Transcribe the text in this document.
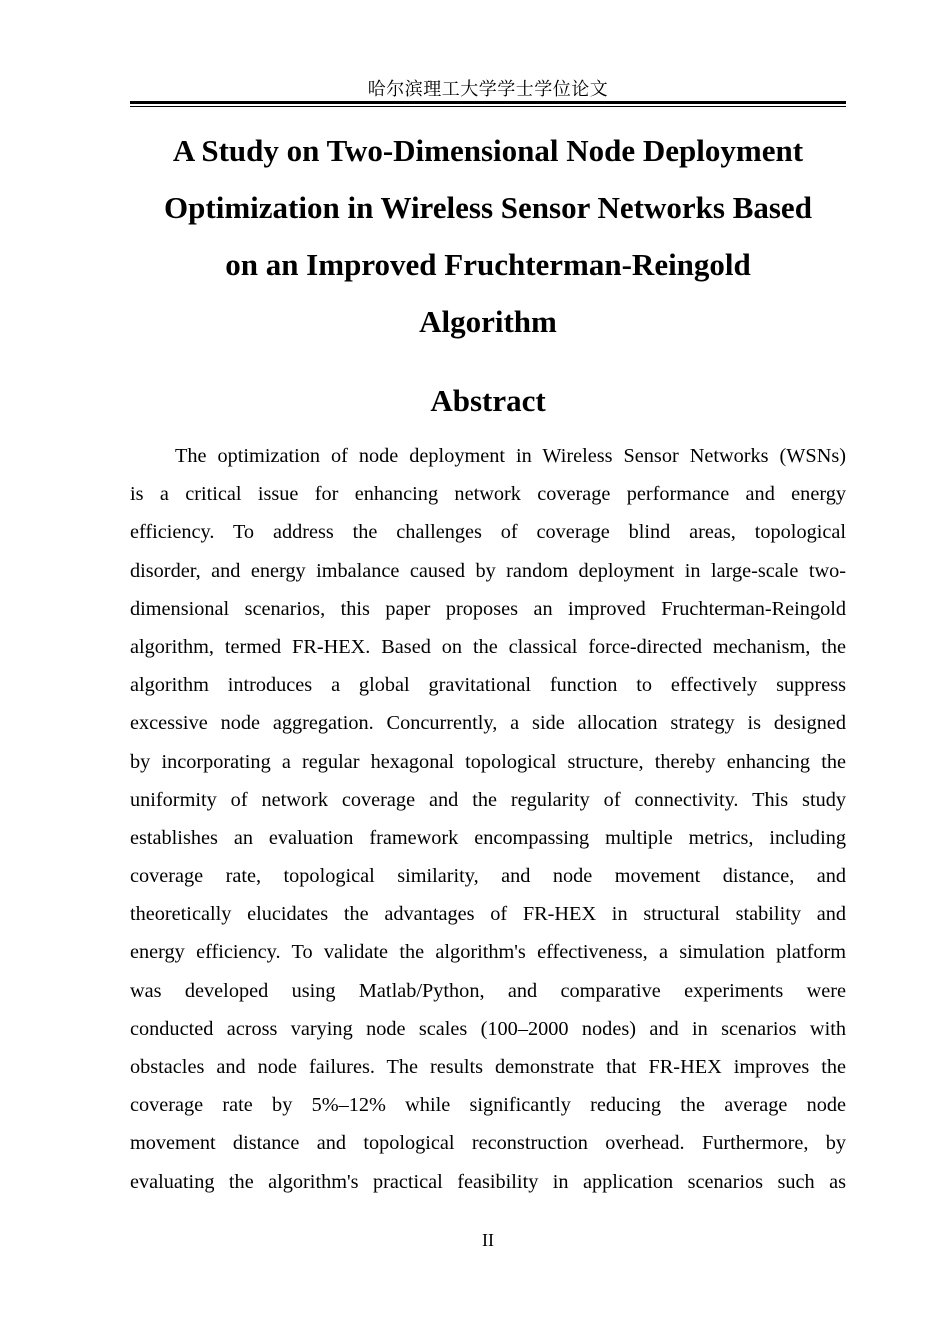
哈尔滨理工大学学士学位论文
A Study on Two-Dimensional Node Deployment
Optimization in Wireless Sensor Networks Based
on an Improved Fruchterman-Reingold
Algorithm
Abstract
The optimization of node deployment in Wireless Sensor Networks (WSNs)
is a critical issue for enhancing network coverage performance and energy
efficiency. To address the challenges of coverage blind areas, topological
disorder, and energy imbalance caused by random deployment in large-scale two-
dimensional scenarios, this paper proposes an improved Fruchterman-Reingold
algorithm, termed FR-HEX. Based on the classical force-directed mechanism, the
algorithm introduces a global gravitational function to effectively suppress
excessive node aggregation. Concurrently, a side allocation strategy is designed
by incorporating a regular hexagonal topological structure, thereby enhancing the
uniformity of network coverage and the regularity of connectivity. This study
establishes an evaluation framework encompassing multiple metrics, including
coverage rate, topological similarity, and node movement distance, and
theoretically elucidates the advantages of FR-HEX in structural stability and
energy efficiency. To validate the algorithm's effectiveness, a simulation platform
was developed using Matlab/Python, and comparative experiments were
conducted across varying node scales (100–2000 nodes) and in scenarios with
obstacles and node failures. The results demonstrate that FR-HEX improves the
coverage rate by 5%–12% while significantly reducing the average node
movement distance and topological reconstruction overhead. Furthermore, by
evaluating the algorithm's practical feasibility in application scenarios such as
II
